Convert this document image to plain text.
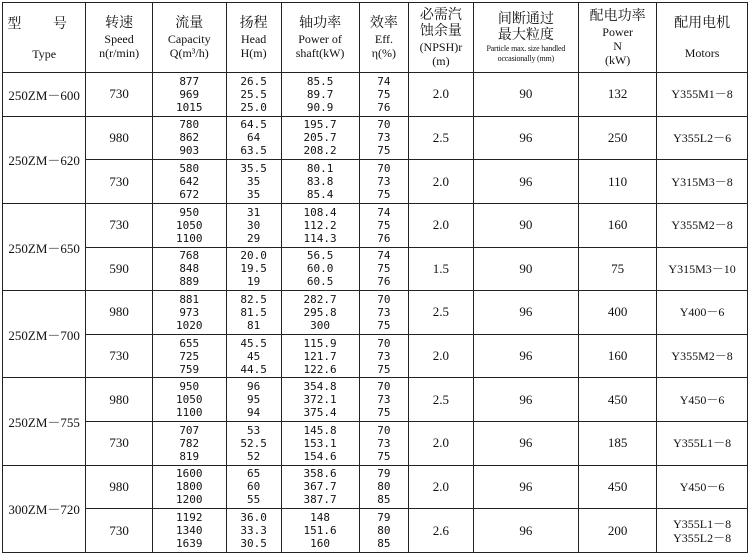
型 号
Type	转速
Speed
n(r/min)	流量
Capacity
Q(m³/h)	扬程
Head
H(m)	轴功率
Power of
shaft(kW)	效率
Eff.
η(%)	必需汽
蚀余量
(NPSH)r
(m)	间断通过
最大粒度
Particle max. size handled
occasionally (mm)	配电功率
Power
N
(kW)	配用电机
Motors

250ZM－600	730	877
969
1015	26.5
25.5
25.0	85.5
89.7
90.9	74
75
76	2.0	90	132	Y355M1－8

250ZM－620	980	780
862
903	64.5
64
63.5	195.7
205.7
208.2	70
73
75	2.5	96	250	Y355L2－6

	730	580
642
672	35.5
35
35	80.1
83.8
85.4	70
73
75	2.0	96	110	Y315M3－8

250ZM－650	730	950
1050
1100	31
30
29	108.4
112.2
114.3	74
75
76	2.0	90	160	Y355M2－8

	590	768
848
889	20.0
19.5
19	56.5
60.0
60.5	74
75
76	1.5	90	75	Y315M3－10

250ZM－700	980	881
973
1020	82.5
81.5
81	282.7
295.8
300	70
73
75	2.5	96	400	Y400－6

	730	655
725
759	45.5
45
44.5	115.9
121.7
122.6	70
73
75	2.0	96	160	Y355M2－8

250ZM－755	980	950
1050
1100	96
95
94	354.8
372.1
375.4	70
73
75	2.5	96	450	Y450－6

	730	707
782
819	53
52.5
52	145.8
153.1
154.6	70
73
75	2.0	96	185	Y355L1－8

300ZM－720	980	1600
1800
1200	65
60
55	358.6
367.7
387.7	79
80
85	2.0	96	450	Y450－6

	730	1192
1340
1639	36.0
33.3
30.5	148
151.6
160	79
80
85	2.6	96	200	Y355L1－8
Y355L2－8
